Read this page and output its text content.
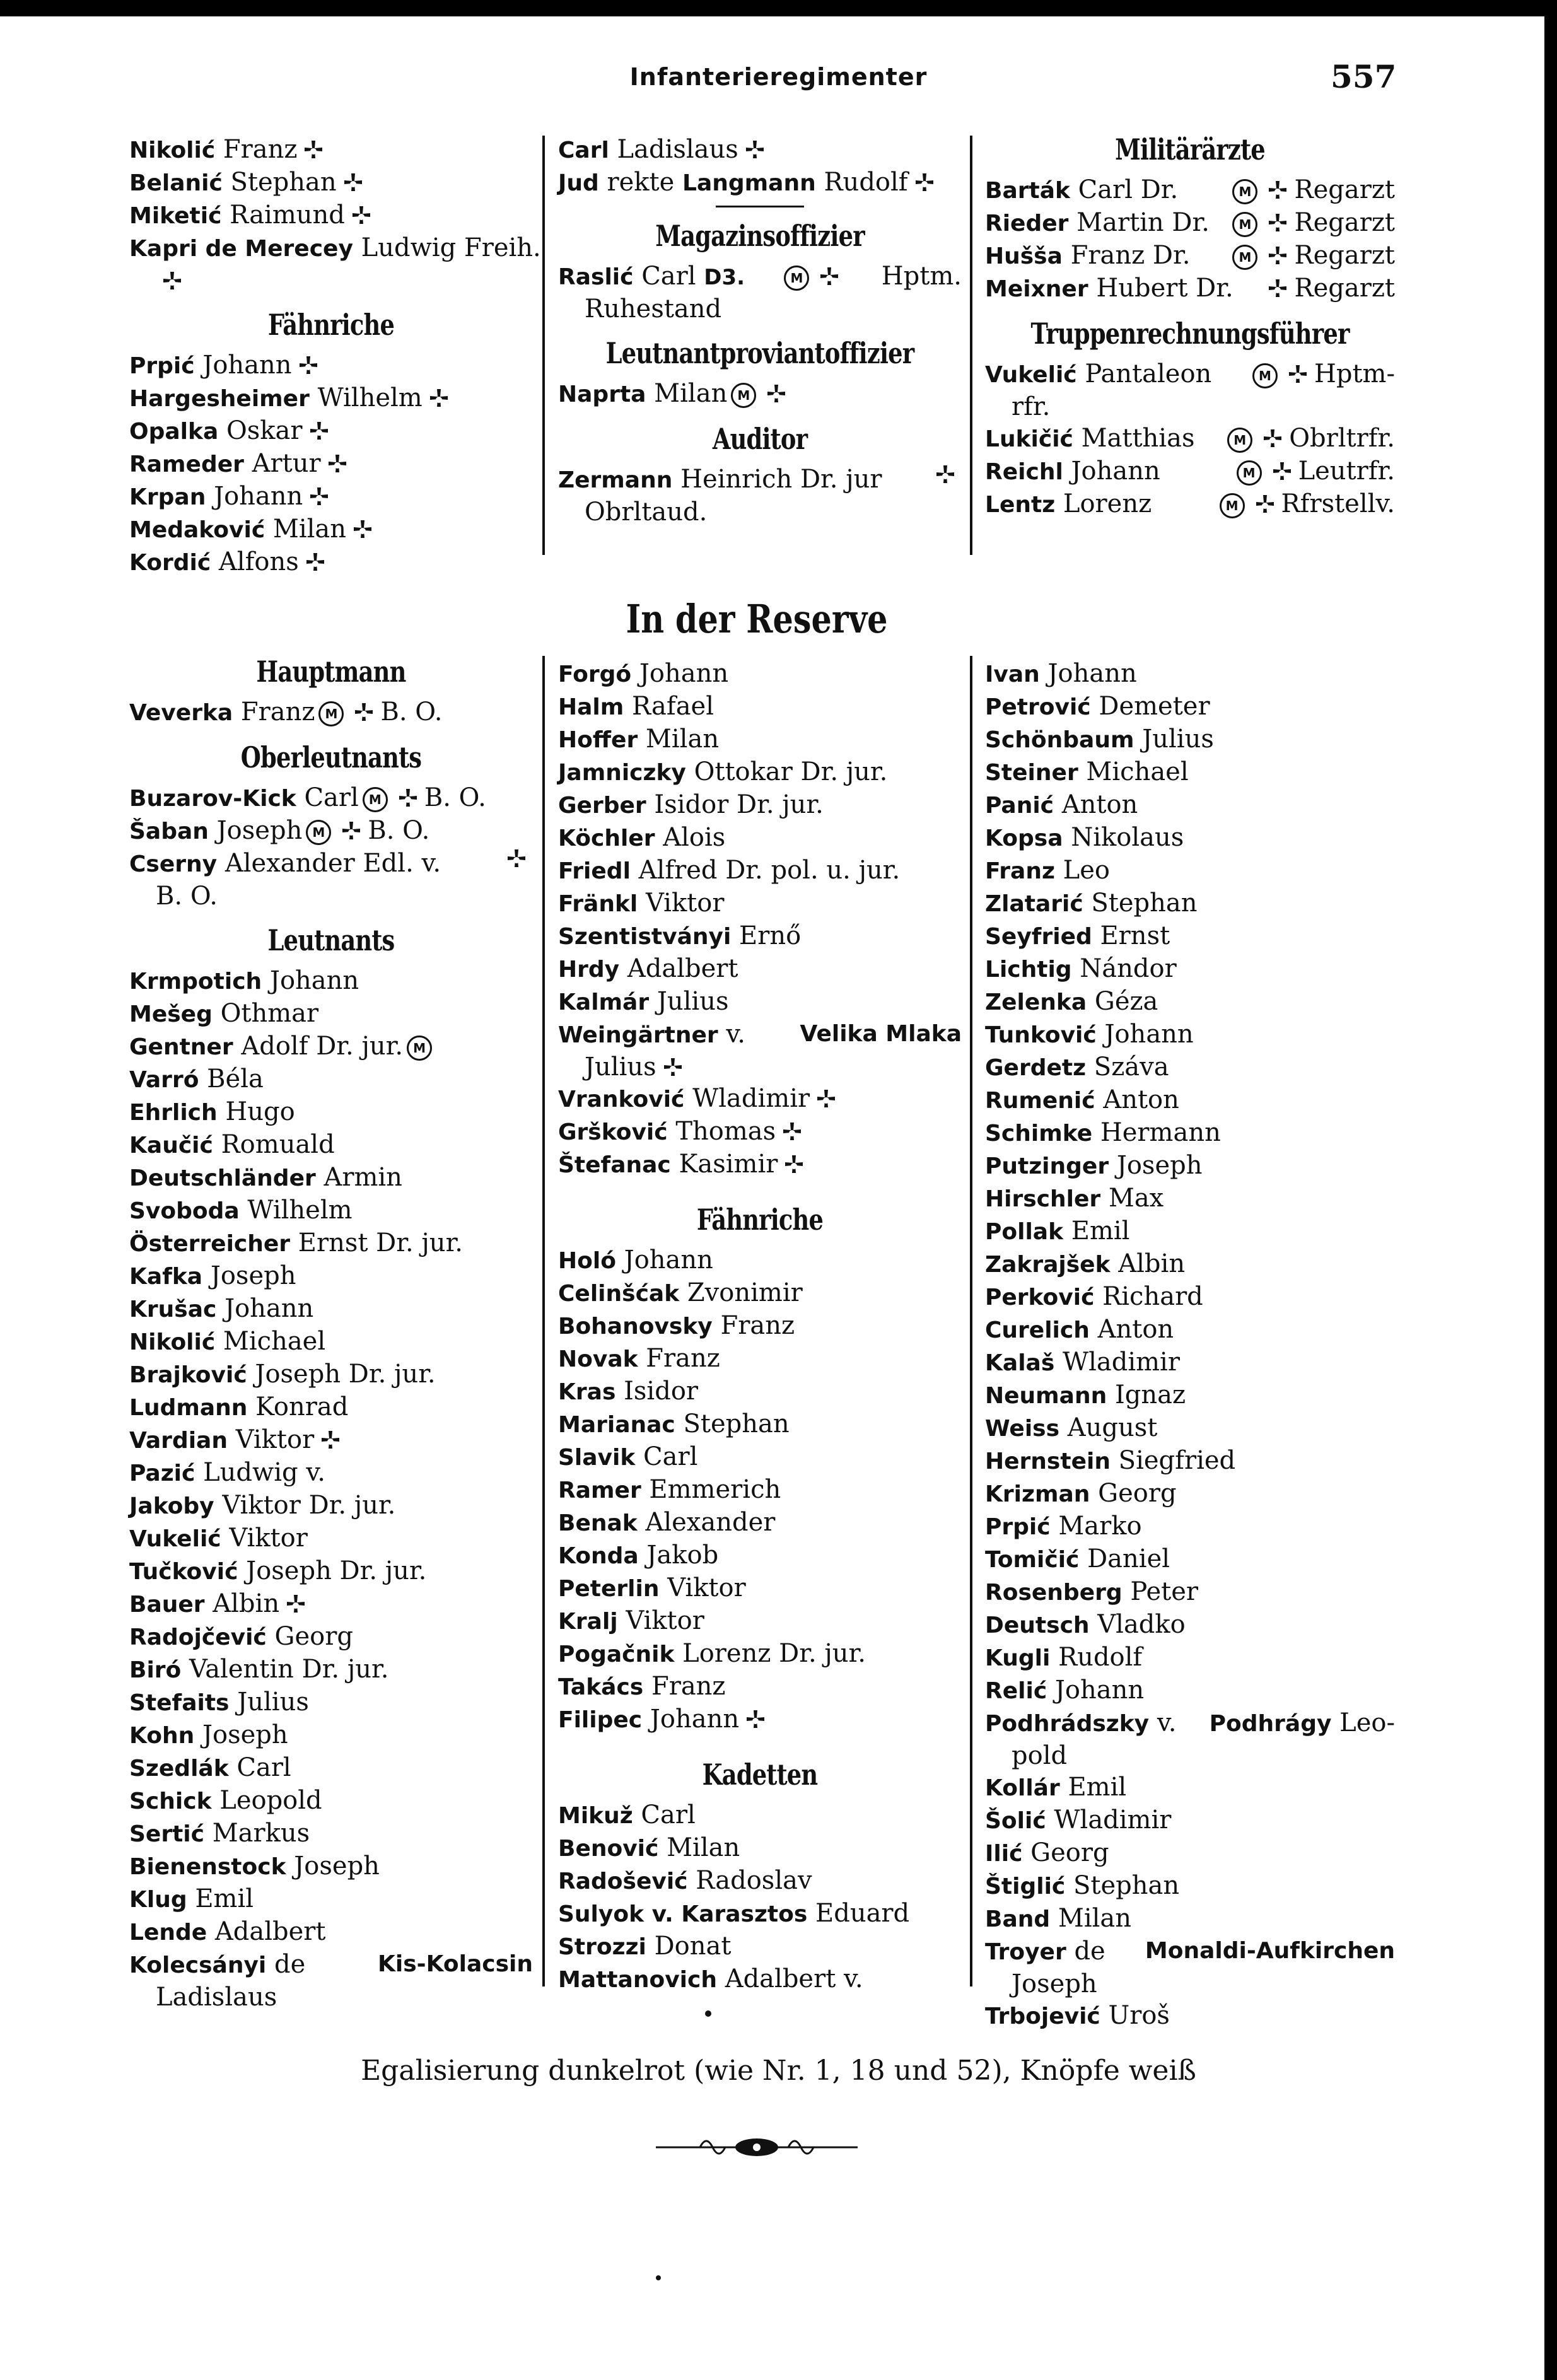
Infanterieregimenter	557
Nikolić Franz
Belanić Stephan
Miketić Raimund
Kapri de Merecey Ludwig Freih.
Fähnriche
Prpić Johann
Hargesheimer Wilhelm
Opalka Oskar
Rameder Artur
Krpan Johann
Medaković Milan
Kordić Alfons
Carl Ladislaus
Jud rekte Langmann Rudolf
Magazinsoffizier
Raslić Carl D3.	M	Hptm.
Ruhestand
Leutnantproviantoffizier
Naprta Milan M
Auditor
Zermann Heinrich Dr. jur
Obrltaud.
Militärärzte
Barták Carl Dr.	M Regarzt
Rieder Martin Dr.	M Regarzt
Hušša Franz Dr.	M Regarzt
Meixner Hubert Dr.	Regarzt
Truppenrechnungsführer
Vukelić Pantaleon	M Hptm-
rfr.
Lukičić Matthias	M Obrltrfr.
Reichl Johann	M Leutrfr.
Lentz Lorenz	M Rfrstellv.
In der Reserve
Hauptmann
Veverka Franz M B. O.
Oberleutnants
Buzarov-Kick Carl M B. O.
Šaban Joseph M B. O.
Cserny Alexander Edl. v.
B. O.
Leutnants
Krmpotich Johann
Mešeg Othmar
Gentner Adolf Dr. jur. M
Varró Béla
Ehrlich Hugo
Kaučić Romuald
Deutschländer Armin
Svoboda Wilhelm
Österreicher Ernst Dr. jur.
Kafka Joseph
Krušac Johann
Nikolić Michael
Brajković Joseph Dr. jur.
Ludmann Konrad
Vardian Viktor
Pazić Ludwig v.
Jakoby Viktor Dr. jur.
Vukelić Viktor
Tučković Joseph Dr. jur.
Bauer Albin
Radojčević Georg
Biró Valentin Dr. jur.
Stefaits Julius
Kohn Joseph
Szedlák Carl
Schick Leopold
Sertić Markus
Bienenstock Joseph
Klug Emil
Lende Adalbert
Kolecsányi de	Kis-Kolacsin
Ladislaus
Forgó Johann
Halm Rafael
Hoffer Milan
Jamniczky Ottokar Dr. jur.
Gerber Isidor Dr. jur.
Köchler Alois
Friedl Alfred Dr. pol. u. jur.
Fränkl Viktor
Szentistványi Ernő
Hrdy Adalbert
Kalmár Julius
Weingärtner v. Velika Mlaka
Julius
Vranković Wladimir
Gršković Thomas
Štefanac Kasimir
Fähnriche
Holó Johann
Celinšćak Zvonimir
Bohanovsky Franz
Novak Franz
Kras Isidor
Marianac Stephan
Slavik Carl
Ramer Emmerich
Benak Alexander
Konda Jakob
Peterlin Viktor
Kralj Viktor
Pogačnik Lorenz Dr. jur.
Takács Franz
Filipec Johann
Kadetten
Mikuž Carl
Benović Milan
Radošević Radoslav
Sulyok v. Karasztos Eduard
Strozzi Donat
Mattanovich Adalbert v.
Ivan Johann
Petrović Demeter
Schönbaum Julius
Steiner Michael
Panić Anton
Kopsa Nikolaus
Franz Leo
Zlatarić Stephan
Seyfried Ernst
Lichtig Nándor
Zelenka Géza
Tunković Johann
Gerdetz Száva
Rumenić Anton
Schimke Hermann
Putzinger Joseph
Hirschler Max
Pollak Emil
Zakrajšek Albin
Perković Richard
Curelich Anton
Kalaš Wladimir
Neumann Ignaz
Weiss August
Hernstein Siegfried
Krizman Georg
Prpić Marko
Tomičić Daniel
Rosenberg Peter
Deutsch Vladko
Kugli Rudolf
Relić Johann
Podhrádszky v. Podhrágy Leo-
pold
Kollár Emil
Šolić Wladimir
Ilić Georg
Štiglić Stephan
Band Milan
Troyer de Monaldi-Aufkirchen
Joseph
Trbojević Uroš
Egalisierung dunkelrot (wie Nr. 1, 18 und 52), Knöpfe weiß
